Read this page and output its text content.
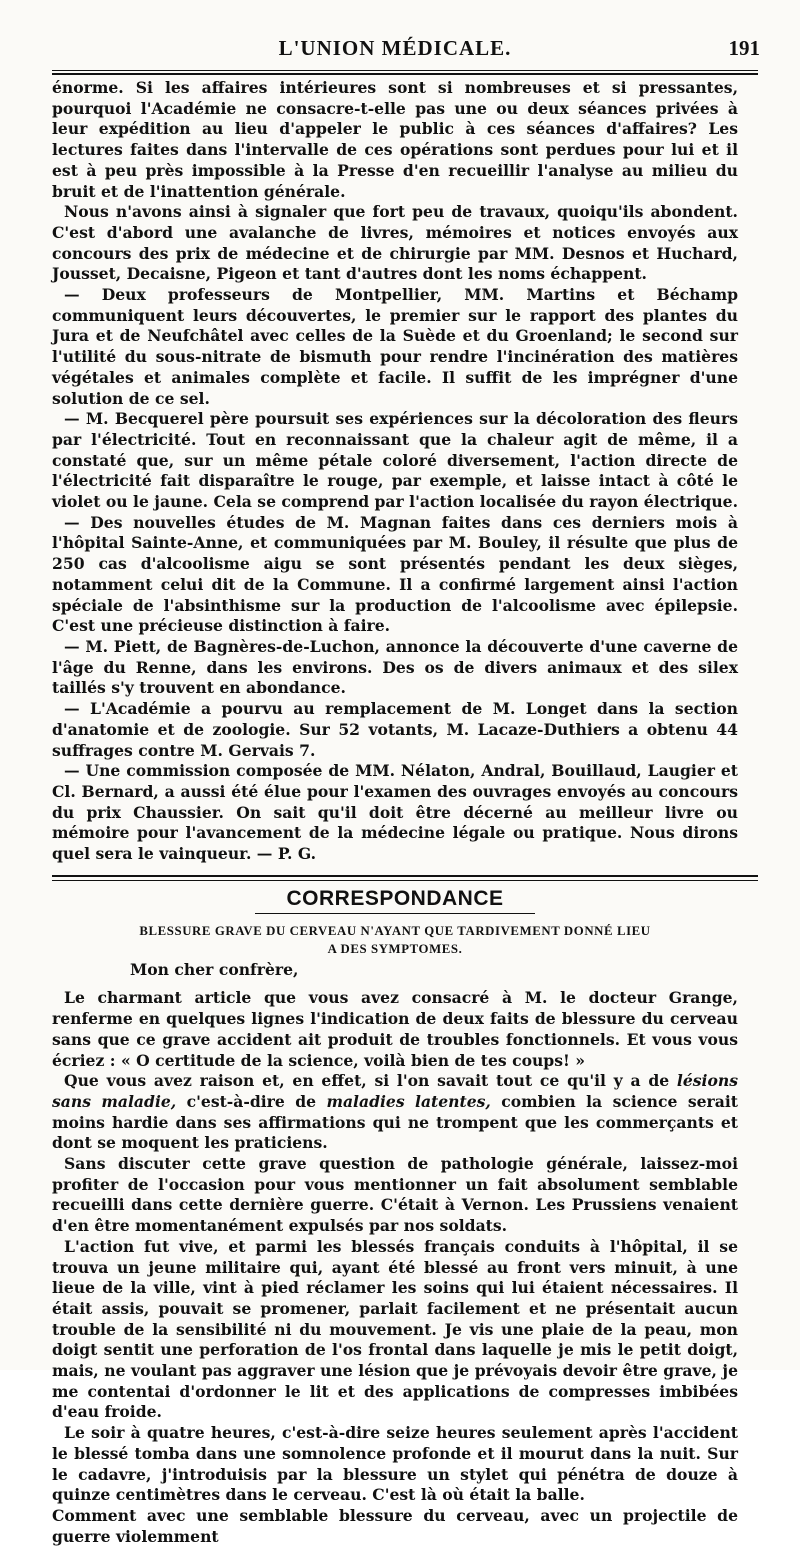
L'UNION MÉDICALE.	191

énorme. Si les affaires intérieures sont si nombreuses et si pressantes, pourquoi l'Académie ne consacre-t-elle pas une ou deux séances privées à leur expédition au lieu d'appeler le public à ces séances d'affaires? Les lectures faites dans l'intervalle de ces opérations sont perdues pour lui et il est à peu près impossible à la Presse d'en recueillir l'analyse au milieu du bruit et de l'inattention générale.

Nous n'avons ainsi à signaler que fort peu de travaux, quoiqu'ils abondent. C'est d'abord une avalanche de livres, mémoires et notices envoyés aux concours des prix de médecine et de chirurgie par MM. Desnos et Huchard, Jousset, Decaisne, Pigeon et tant d'autres dont les noms échappent.

— Deux professeurs de Montpellier, MM. Martins et Béchamp communiquent leurs découvertes, le premier sur le rapport des plantes du Jura et de Neufchâtel avec celles de la Suède et du Groenland; le second sur l'utilité du sous-nitrate de bismuth pour rendre l'incinération des matières végétales et animales complète et facile. Il suffit de les imprégner d'une solution de ce sel.

— M. Becquerel père poursuit ses expériences sur la décoloration des fleurs par l'électricité. Tout en reconnaissant que la chaleur agit de même, il a constaté que, sur un même pétale coloré diversement, l'action directe de l'électricité fait disparaître le rouge, par exemple, et laisse intact à côté le violet ou le jaune. Cela se comprend par l'action localisée du rayon électrique.

— Des nouvelles études de M. Magnan faites dans ces derniers mois à l'hôpital Sainte-Anne, et communiquées par M. Bouley, il résulte que plus de 250 cas d'alcoolisme aigu se sont présentés pendant les deux sièges, notamment celui dit de la Commune. Il a confirmé largement ainsi l'action spéciale de l'absinthisme sur la production de l'alcoolisme avec épilepsie. C'est une précieuse distinction à faire.

— M. Piett, de Bagnères-de-Luchon, annonce la découverte d'une caverne de l'âge du Renne, dans les environs. Des os de divers animaux et des silex taillés s'y trouvent en abondance.

— L'Académie a pourvu au remplacement de M. Longet dans la section d'anatomie et de zoologie. Sur 52 votants, M. Lacaze-Duthiers a obtenu 44 suffrages contre M. Gervais 7.

— Une commission composée de MM. Nélaton, Andral, Bouillaud, Laugier et Cl. Bernard, a aussi été élue pour l'examen des ouvrages envoyés au concours du prix Chaussier. On sait qu'il doit être décerné au meilleur livre ou mémoire pour l'avancement de la médecine légale ou pratique. Nous dirons quel sera le vainqueur. — P. G.

CORRESPONDANCE
BLESSURE GRAVE DU CERVEAU N'AYANT QUE TARDIVEMENT DONNÉ LIEU
A DES SYMPTOMES.
Mon cher confrère,

Le charmant article que vous avez consacré à M. le docteur Grange, renferme en quelques lignes l'indication de deux faits de blessure du cerveau sans que ce grave accident ait produit de troubles fonctionnels. Et vous vous écriez : « O certitude de la science, voilà bien de tes coups! »

Que vous avez raison et, en effet, si l'on savait tout ce qu'il y a de lésions sans maladie, c'est-à-dire de maladies latentes, combien la science serait moins hardie dans ses affirmations qui ne trompent que les commerçants et dont se moquent les praticiens.

Sans discuter cette grave question de pathologie générale, laissez-moi profiter de l'occasion pour vous mentionner un fait absolument semblable recueilli dans cette dernière guerre. C'était à Vernon. Les Prussiens venaient d'en être momentanément expulsés par nos soldats.

L'action fut vive, et parmi les blessés français conduits à l'hôpital, il se trouva un jeune militaire qui, ayant été blessé au front vers minuit, à une lieue de la ville, vint à pied réclamer les soins qui lui étaient nécessaires. Il était assis, pouvait se promener, parlait facilement et ne présentait aucun trouble de la sensibilité ni du mouvement. Je vis une plaie de la peau, mon doigt sentit une perforation de l'os frontal dans laquelle je mis le petit doigt, mais, ne voulant pas aggraver une lésion que je prévoyais devoir être grave, je me contentai d'ordonner le lit et des applications de compresses imbibées d'eau froide.

Le soir à quatre heures, c'est-à-dire seize heures seulement après l'accident le blessé tomba dans une somnolence profonde et il mourut dans la nuit. Sur le cadavre, j'introduisis par la blessure un stylet qui pénétra de douze à quinze centimètres dans le cerveau. C'est là où était la balle.

Comment avec une semblable blessure du cerveau, avec un projectile de guerre violemment
